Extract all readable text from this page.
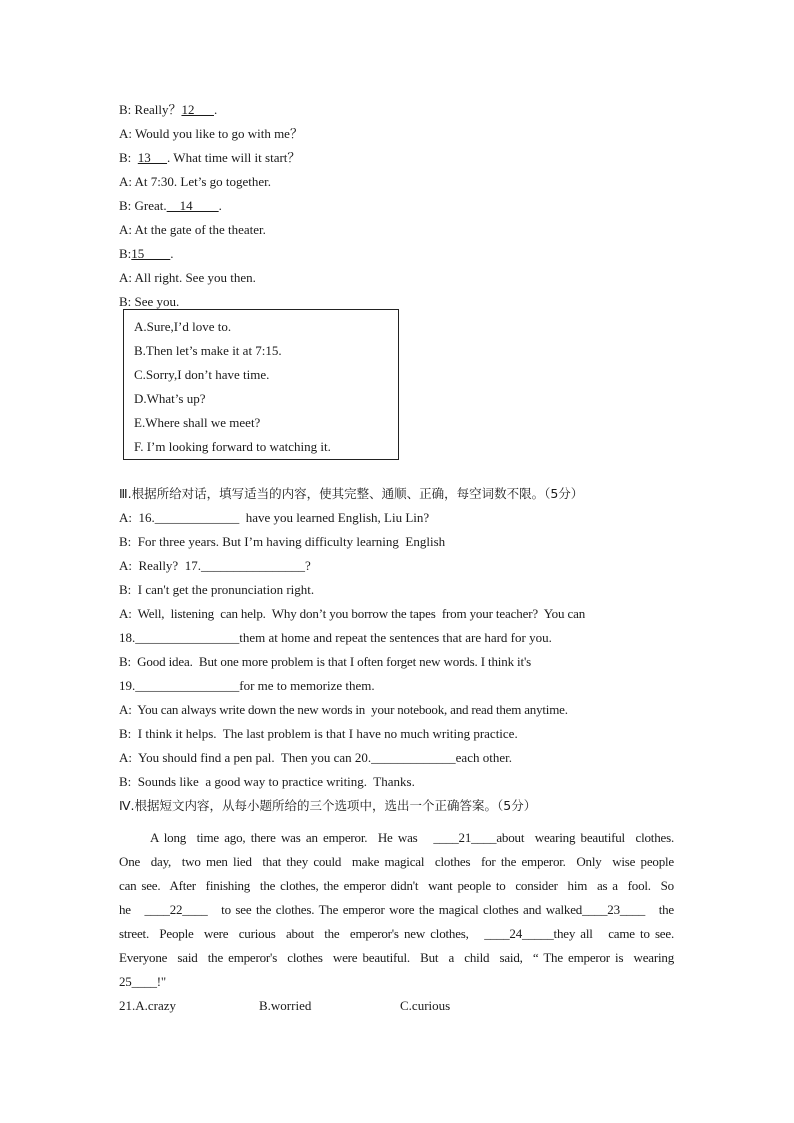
B: Really？12      .
A: Would you like to go with me？
B:  13     . What time will it start？
A: At 7:30. Let’s go together.
B: Great.    14        .
A: At the gate of the theater.
B:15        .
A: All right. See you then.
B: See you.
A.Sure,I’d love to.
B.Then let’s make it at 7:15.
C.Sorry,I don’t have time.
D.What’s up?
E.Where shall we meet?
F. I’m looking forward to watching it.
Ⅲ.根据所给对话，填写适当的内容，使其完整、通顺、正确，每空词数不限。（5分）
A:  16._____________  have you learned English, Liu Lin?
B:  For three years. But I’m having difficulty learning  English
A:  Really?  17.________________?
B:  I can't get the pronunciation right.
A:  Well,  listening  can help.  Why don’t you borrow the tapes  from your teacher?  You can
18.________________them at home and repeat the sentences that are hard for you.
B:  Good idea.  But one more problem is that I often forget new words. I think it's
19.________________for me to memorize them.
A:  You can always write down the new words in  your notebook, and read them anytime.
B:  I think it helps.  The last problem is that I have no much writing practice.
A:  You should find a pen pal.  Then you can 20._____________each other.
B:  Sounds like  a good way to practice writing.  Thanks.
Ⅳ.根据短文内容，从每小题所给的三个选项中，选出一个正确答案。（5分）
A long  time ago, there was an emperor.  He was   ____21____about  wearing beautiful  clothes.
One  day,  two men lied  that they could  make magical  clothes  for the emperor.  Only  wise people
can see.  After  finishing  the clothes, the emperor didn't  want people to  consider  him  as a  fool.  So
he   ____22____   to see the clothes. The emperor wore the magical clothes and walked____23____   the
street.  People  were  curious  about  the  emperor's new clothes,   ____24_____they all   came to see.
Everyone  said  the emperor's  clothes  were beautiful.  But  a  child  said,  “ The emperor is  wearing
25____!"
21.A.crazy	B.worried	C.curious
